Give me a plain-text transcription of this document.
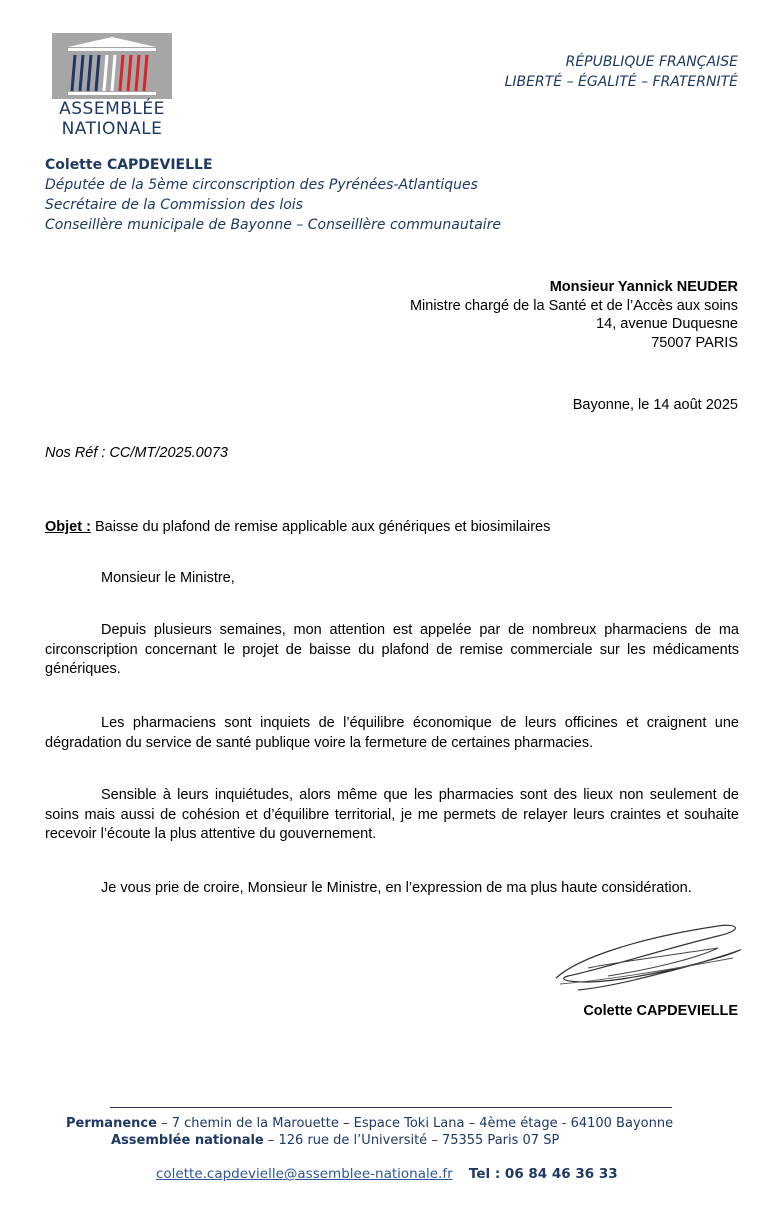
ASSEMBLÉE
NATIONALE
RÉPUBLIQUE FRANÇAISE
LIBERTÉ – ÉGALITÉ – FRATERNITÉ
Colette CAPDEVIELLE
Députée de la 5ème circonscription des Pyrénées-Atlantiques
Secrétaire de la Commission des lois
Conseillère municipale de Bayonne – Conseillère communautaire
Monsieur Yannick NEUDER
Ministre chargé de la Santé et de l’Accès aux soins
14, avenue Duquesne
75007 PARIS
Bayonne, le 14 août 2025
Nos Réf : CC/MT/2025.0073
Objet : Baisse du plafond de remise applicable aux génériques et biosimilaires
Monsieur le Ministre,
Depuis plusieurs semaines, mon attention est appelée par de nombreux pharmaciens de ma circonscription concernant le projet de baisse du plafond de remise commerciale sur les médicaments génériques.
Les pharmaciens sont inquiets de l’équilibre économique de leurs officines et craignent une dégradation du service de santé publique voire la fermeture de certaines pharmacies.
Sensible à leurs inquiétudes, alors même que les pharmacies sont des lieux non seulement de soins mais aussi de cohésion et d’équilibre territorial, je me permets de relayer leurs craintes et souhaite recevoir l’écoute la plus attentive du gouvernement.
Je vous prie de croire, Monsieur le Ministre, en l’expression de ma plus haute considération.
Colette CAPDEVIELLE
Permanence – 7 chemin de la Marouette – Espace Toki Lana – 4ème étage - 64100 Bayonne
Assemblée nationale – 126 rue de l’Université – 75355 Paris 07 SP
colette.capdevielle@assemblee-nationale.fr Tel : 06 84 46 36 33
